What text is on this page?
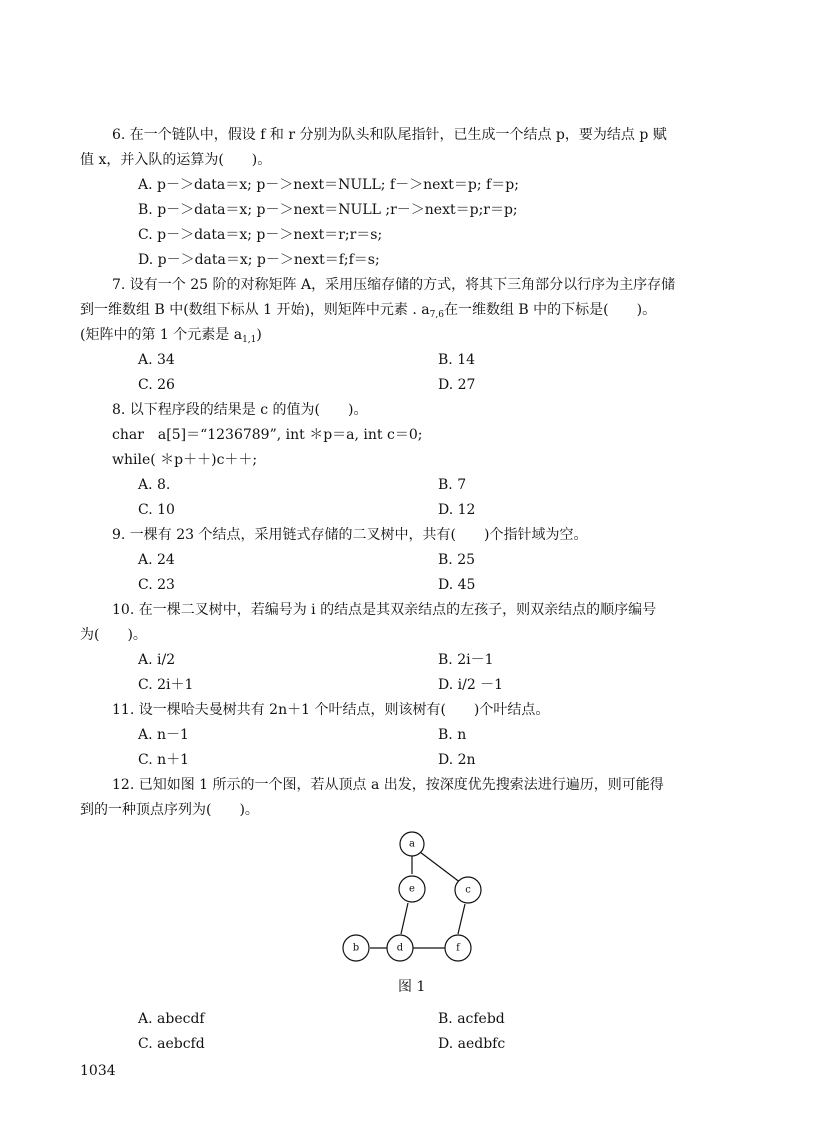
6. 在一个链队中，假设 f 和 r 分别为队头和队尾指针，已生成一个结点 p，要为结点 p 赋
值 x，并入队的运算为(　　)。
A. p－＞data＝x; p－＞next＝NULL; f－＞next＝p; f＝p;
B. p－＞data＝x; p－＞next＝NULL ;r－＞next＝p;r＝p;
C. p－＞data＝x; p－＞next＝r;r＝s;
D. p－＞data＝x; p－＞next＝f;f＝s;
7. 设有一个 25 阶的对称矩阵 A，采用压缩存储的方式，将其下三角部分以行序为主序存储
到一维数组 B 中(数组下标从 1 开始)，则矩阵中元素 . $a_{7,6}$在一维数组 B 中的下标是(　　)。
(矩阵中的第 1 个元素是 $a_{1,1}$)
A. 34	B. 14
C. 26	D. 27
8. 以下程序段的结果是 c 的值为(　　)。
char　a[5]＝“1236789”, int ＊p＝a, int c＝0;
while( ＊p＋＋)c＋＋;
A. 8.	B. 7
C. 10	D. 12
9. 一棵有 23 个结点，采用链式存储的二叉树中，共有(　　)个指针域为空。
A. 24	B. 25
C. 23	D. 45
10. 在一棵二叉树中，若编号为 i 的结点是其双亲结点的左孩子，则双亲结点的顺序编号
为(　　)。
A. i/2	B. 2i－1
C. 2i＋1	D. i/2 －1
11. 设一棵哈夫曼树共有 2n＋1 个叶结点，则该树有(　　)个叶结点。
A. n－1	B. n
C. n＋1	D. 2n
12. 已知如图 1 所示的一个图，若从顶点 a 出发，按深度优先搜索法进行遍历，则可能得
到的一种顶点序列为(　　)。
a
e	c
b	d	f
图 1
A. abecdf	B. acfebd
C. aebcfd	D. aedbfc
1034
